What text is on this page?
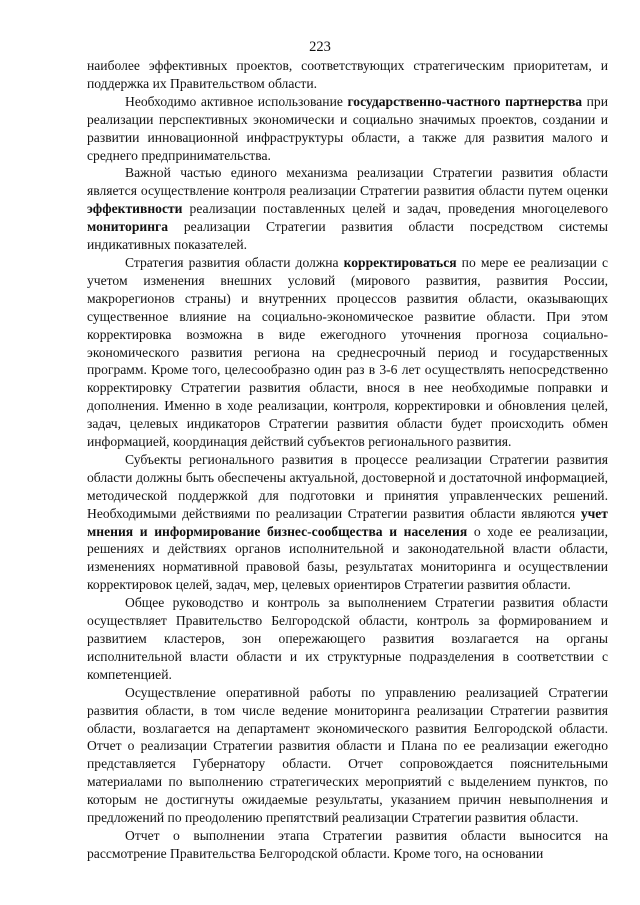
223

наиболее эффективных проектов, соответствующих стратегическим приоритетам, и поддержка их Правительством области.

Необходимо активное использование государственно-частного партнерства при реализации перспективных экономически и социально значимых проектов, создании и развитии инновационной инфраструктуры области, а также для развития малого и среднего предпринимательства.

Важной частью единого механизма реализации Стратегии развития области является осуществление контроля реализации Стратегии развития области путем оценки эффективности реализации поставленных целей и задач, проведения многоцелевого мониторинга реализации Стратегии развития области посредством системы индикативных показателей.

Стратегия развития области должна корректироваться по мере ее реализации с учетом изменения внешних условий (мирового развития, развития России, макрорегионов страны) и внутренних процессов развития области, оказывающих существенное влияние на социально-экономическое развитие области. При этом корректировка возможна в виде ежегодного уточнения прогноза социально-экономического развития региона на среднесрочный период и государственных программ. Кроме того, целесообразно один раз в 3-6 лет осуществлять непосредственно корректировку Стратегии развития области, внося в нее необходимые поправки и дополнения. Именно в ходе реализации, контроля, корректировки и обновления целей, задач, целевых индикаторов Стратегии развития области будет происходить обмен информацией, координация действий субъектов регионального развития.

Субъекты регионального развития в процессе реализации Стратегии развития области должны быть обеспечены актуальной, достоверной и достаточной информацией, методической поддержкой для подготовки и принятия управленческих решений. Необходимыми действиями по реализации Стратегии развития области являются учет мнения и информирование бизнес-сообщества и населения о ходе ее реализации, решениях и действиях органов исполнительной и законодательной власти области, изменениях нормативной правовой базы, результатах мониторинга и осуществлении корректировок целей, задач, мер, целевых ориентиров Стратегии развития области.

Общее руководство и контроль за выполнением Стратегии развития области осуществляет Правительство Белгородской области, контроль за формированием и развитием кластеров, зон опережающего развития возлагается на органы исполнительной власти области и их структурные подразделения в соответствии с компетенцией.

Осуществление оперативной работы по управлению реализацией Стратегии развития области, в том числе ведение мониторинга реализации Стратегии развития области, возлагается на департамент экономического развития Белгородской области. Отчет о реализации Стратегии развития области и Плана по ее реализации ежегодно представляется Губернатору области. Отчет сопровождается пояснительными материалами по выполнению стратегических мероприятий с выделением пунктов, по которым не достигнуты ожидаемые результаты, указанием причин невыполнения и предложений по преодолению препятствий реализации Стратегии развития области.

Отчет о выполнении этапа Стратегии развития области выносится на рассмотрение Правительства Белгородской области. Кроме того, на основании
